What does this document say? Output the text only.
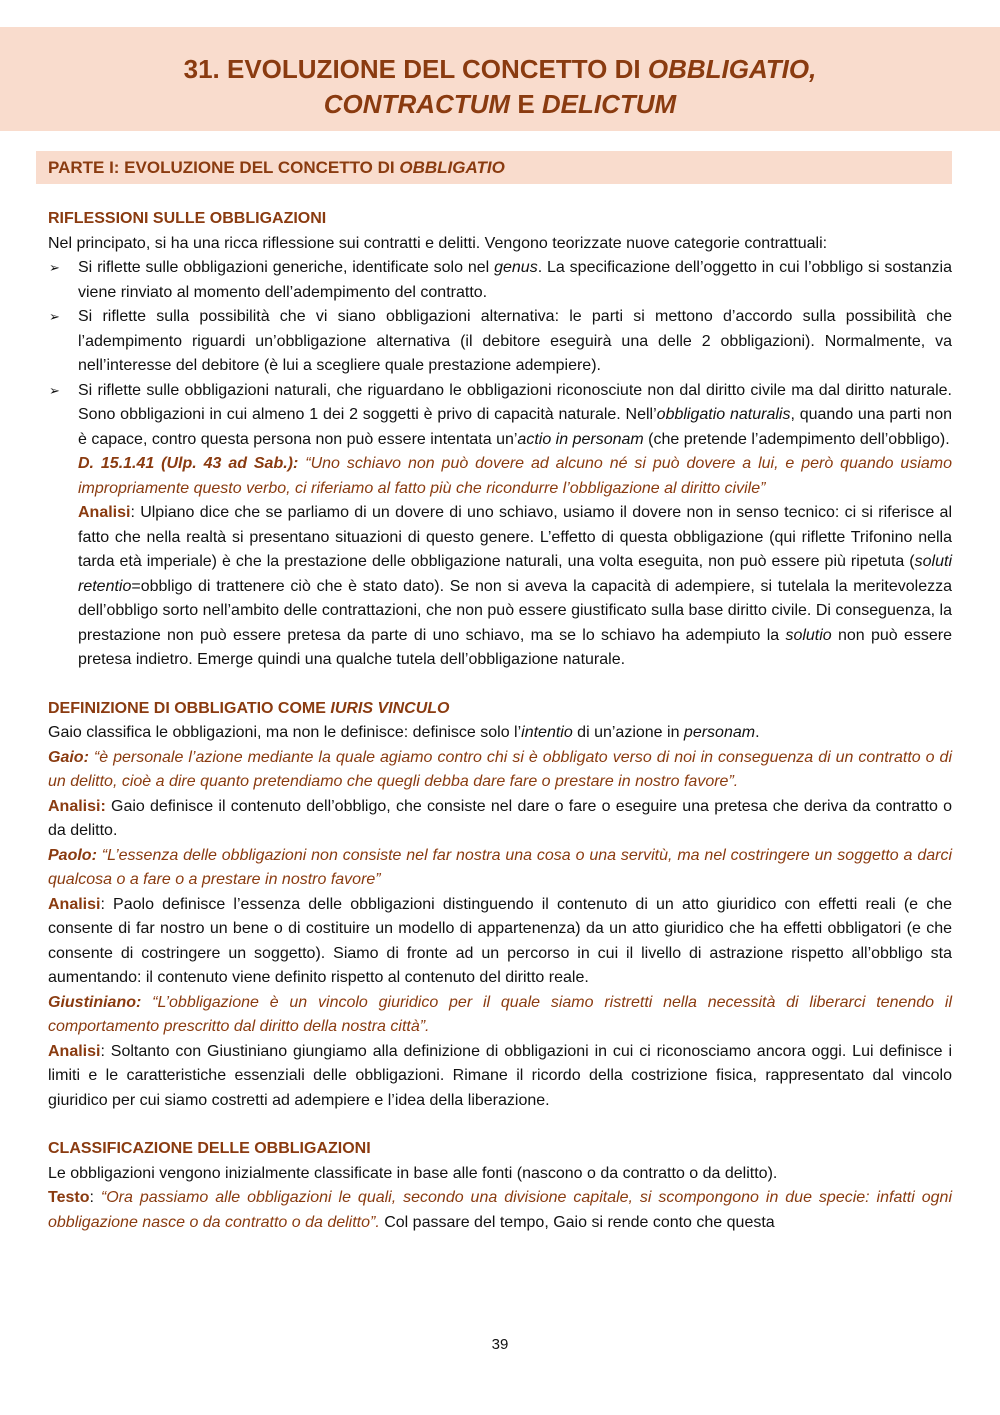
31. EVOLUZIONE DEL CONCETTO DI OBBLIGATIO,
CONTRACTUM E DELICTUM
PARTE I: EVOLUZIONE DEL CONCETTO DI OBBLIGATIO

RIFLESSIONI SULLE OBBLIGAZIONI

Nel principato, si ha una ricca riflessione sui contratti e delitti. Vengono teorizzate nuove categorie contrattuali:

➢ Si riflette sulle obbligazioni generiche, identificate solo nel genus. La specificazione dell’oggetto in cui l’obbligo si sostanzia viene rinviato al momento dell’adempimento del contratto.
➢ Si riflette sulla possibilità che vi siano obbligazioni alternativa: le parti si mettono d’accordo sulla possibilità che l’adempimento riguardi un’obbligazione alternativa (il debitore eseguirà una delle 2 obbligazioni). Normalmente, va nell’interesse del debitore (è lui a scegliere quale prestazione adempiere).
➢ Si riflette sulle obbligazioni naturali, che riguardano le obbligazioni riconosciute non dal diritto civile ma dal diritto naturale. Sono obbligazioni in cui almeno 1 dei 2 soggetti è privo di capacità naturale. Nell’obbligatio naturalis, quando una parti non è capace, contro questa persona non può essere intentata un’actio in personam (che pretende l’adempimento dell’obbligo).

D. 15.1.41 (Ulp. 43 ad Sab.): “Uno schiavo non può dovere ad alcuno né si può dovere a lui, e però quando usiamo impropriamente questo verbo, ci riferiamo al fatto più che ricondurre l’obbligazione al diritto civile”

Analisi: Ulpiano dice che se parliamo di un dovere di uno schiavo, usiamo il dovere non in senso tecnico: ci si riferisce al fatto che nella realtà si presentano situazioni di questo genere. L’effetto di questa obbligazione (qui riflette Trifonino nella tarda età imperiale) è che la prestazione delle obbligazione naturali, una volta eseguita, non può essere più ripetuta (soluti retentio=obbligo di trattenere ciò che è stato dato). Se non si aveva la capacità di adempiere, si tutelala la meritevolezza dell’obbligo sorto nell’ambito delle contrattazioni, che non può essere giustificato sulla base diritto civile. Di conseguenza, la prestazione non può essere pretesa da parte di uno schiavo, ma se lo schiavo ha adempiuto la solutio non può essere pretesa indietro. Emerge quindi una qualche tutela dell’obbligazione naturale.

DEFINIZIONE DI OBBLIGATIO COME IURIS VINCULO

Gaio classifica le obbligazioni, ma non le definisce: definisce solo l’intentio di un’azione in personam.

Gaio: “è personale l’azione mediante la quale agiamo contro chi si è obbligato verso di noi in conseguenza di un contratto o di un delitto, cioè a dire quanto pretendiamo che quegli debba dare fare o prestare in nostro favore”.

Analisi: Gaio definisce il contenuto dell’obbligo, che consiste nel dare o fare o eseguire una pretesa che deriva da contratto o da delitto.

Paolo: “L’essenza delle obbligazioni non consiste nel far nostra una cosa o una servitù, ma nel costringere un soggetto a darci qualcosa o a fare o a prestare in nostro favore”

Analisi: Paolo definisce l’essenza delle obbligazioni distinguendo il contenuto di un atto giuridico con effetti reali (e che consente di far nostro un bene o di costituire un modello di appartenenza) da un atto giuridico che ha effetti obbligatori (e che consente di costringere un soggetto). Siamo di fronte ad un percorso in cui il livello di astrazione rispetto all’obbligo sta aumentando: il contenuto viene definito rispetto al contenuto del diritto reale.

Giustiniano: “L’obbligazione è un vincolo giuridico per il quale siamo ristretti nella necessità di liberarci tenendo il comportamento prescritto dal diritto della nostra città”.

Analisi: Soltanto con Giustiniano giungiamo alla definizione di obbligazioni in cui ci riconosciamo ancora oggi. Lui definisce i limiti e le caratteristiche essenziali delle obbligazioni. Rimane il ricordo della costrizione fisica, rappresentato dal vincolo giuridico per cui siamo costretti ad adempiere e l’idea della liberazione.

CLASSIFICAZIONE DELLE OBBLIGAZIONI

Le obbligazioni vengono inizialmente classificate in base alle fonti (nascono o da contratto o da delitto).

Testo: “Ora passiamo alle obbligazioni le quali, secondo una divisione capitale, si scompongono in due specie: infatti ogni obbligazione nasce o da contratto o da delitto”. Col passare del tempo, Gaio si rende conto che questa

39
